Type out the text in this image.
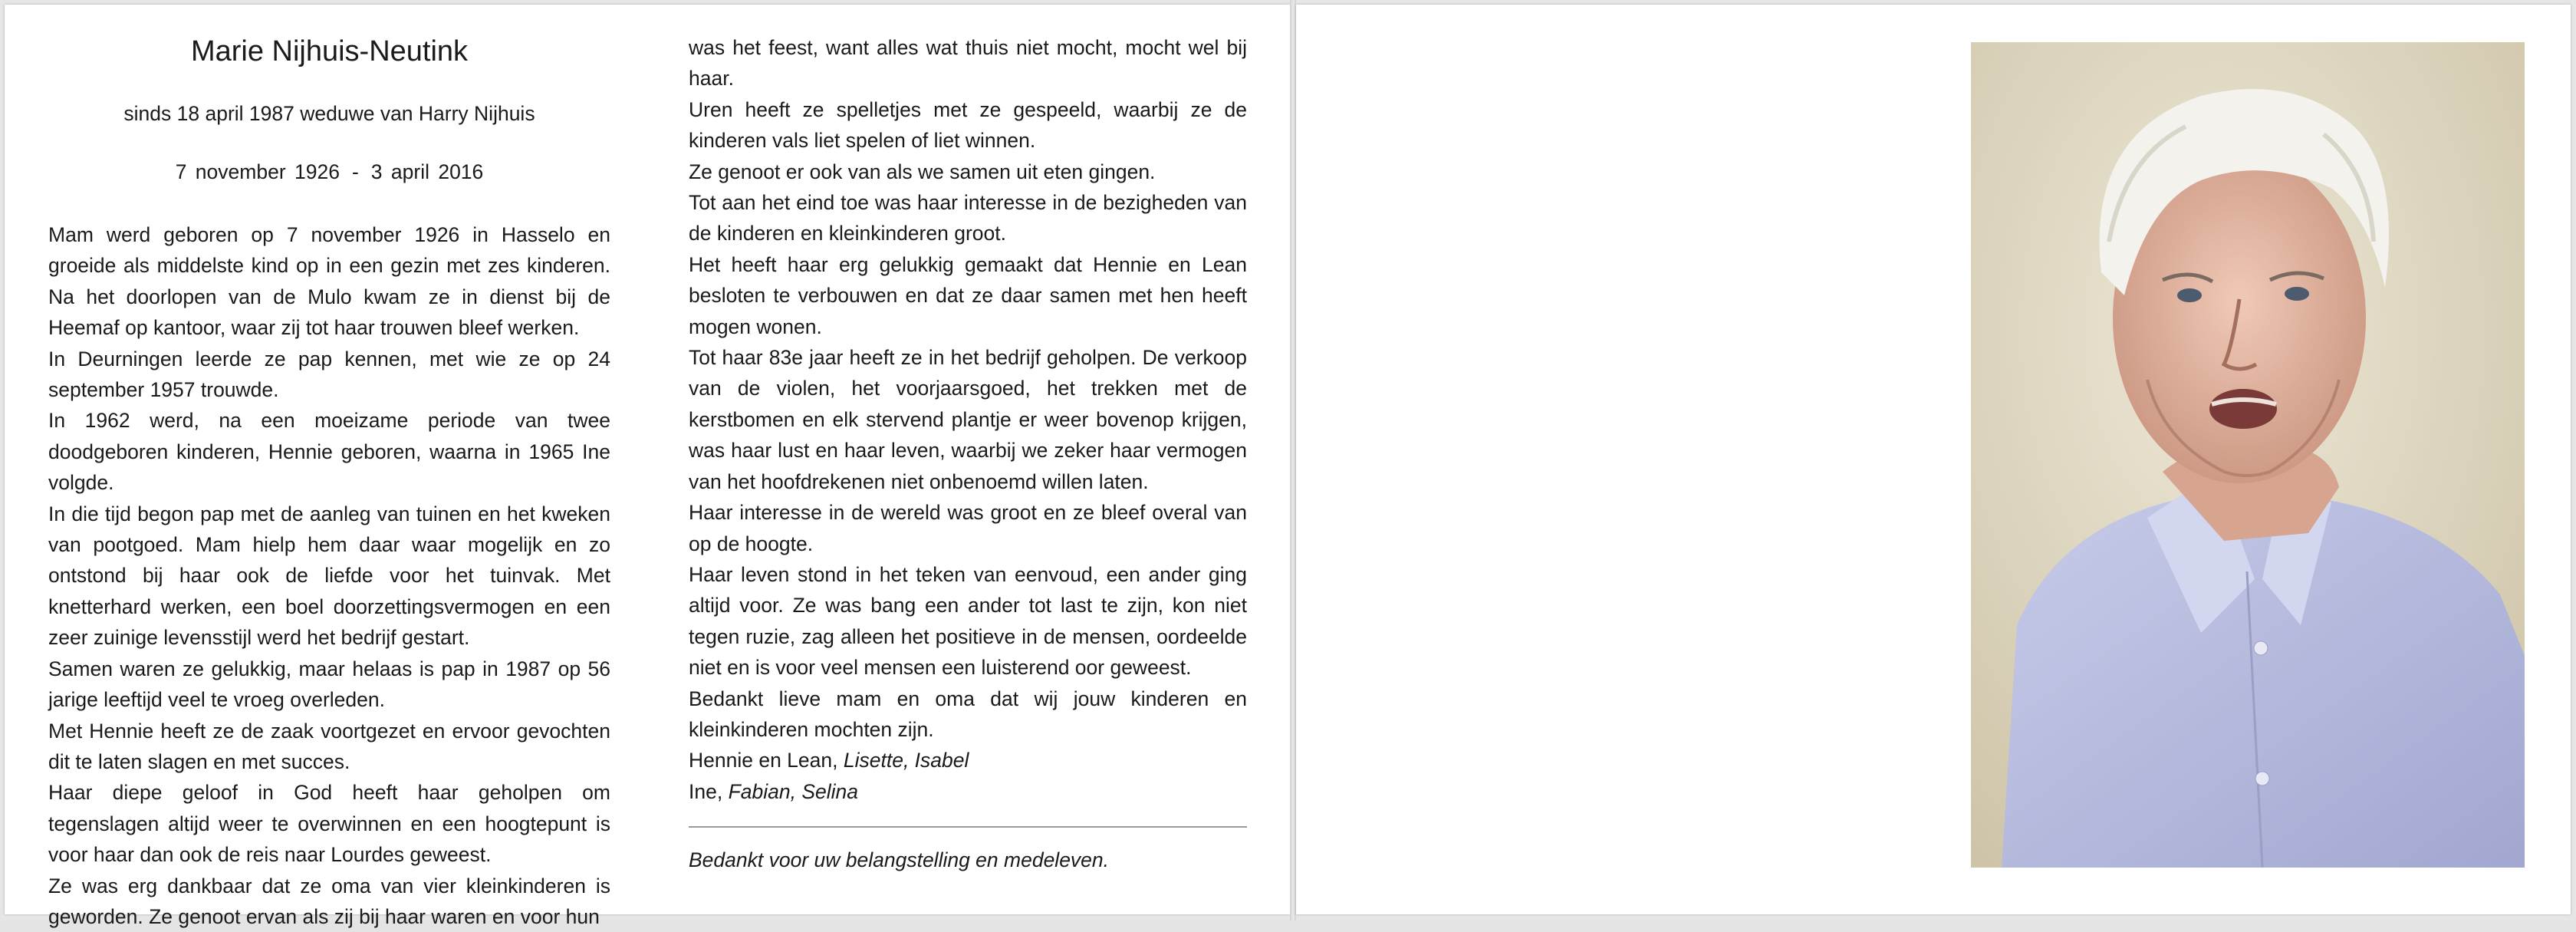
Marie Nijhuis-Neutink
sinds 18 april 1987 weduwe van Harry Nijhuis
7 november 1926 - 3 april 2016

Mam werd geboren op 7 november 1926 in Hasselo en groeide als middelste kind op in een gezin met zes kinderen. Na het doorlopen van de Mulo kwam ze in dienst bij de Heemaf op kantoor, waar zij tot haar trouwen bleef werken.

In Deurningen leerde ze pap kennen, met wie ze op 24 september 1957 trouwde.

In 1962 werd, na een moeizame periode van twee doodgeboren kinderen, Hennie geboren, waarna in 1965 Ine volgde.

In die tijd begon pap met de aanleg van tuinen en het kweken van pootgoed. Mam hielp hem daar waar mogelijk en zo ontstond bij haar ook de liefde voor het tuinvak. Met knetterhard werken, een boel doorzettingsvermogen en een zeer zuinige levensstijl werd het bedrijf gestart.

Samen waren ze gelukkig, maar helaas is pap in 1987 op 56 jarige leeftijd veel te vroeg overleden.

Met Hennie heeft ze de zaak voortgezet en ervoor gevochten dit te laten slagen en met succes.

Haar diepe geloof in God heeft haar geholpen om tegenslagen altijd weer te overwinnen en een hoogtepunt is voor haar dan ook de reis naar Lourdes geweest.

Ze was erg dankbaar dat ze oma van vier kleinkinderen is geworden. Ze genoot ervan als zij bij haar waren en voor hun

was het feest, want alles wat thuis niet mocht, mocht wel bij haar.

Uren heeft ze spelletjes met ze gespeeld, waarbij ze de kinderen vals liet spelen of liet winnen.

Ze genoot er ook van als we samen uit eten gingen.

Tot aan het eind toe was haar interesse in de bezigheden van de kinderen en kleinkinderen groot.

Het heeft haar erg gelukkig gemaakt dat Hennie en Lean besloten te verbouwen en dat ze daar samen met hen heeft mogen wonen.

Tot haar 83e jaar heeft ze in het bedrijf geholpen. De verkoop van de violen, het voorjaarsgoed, het trekken met de kerstbomen en elk stervend plantje er weer bovenop krijgen, was haar lust en haar leven, waarbij we zeker haar vermogen van het hoofdrekenen niet onbenoemd willen laten.

Haar interesse in de wereld was groot en ze bleef overal van op de hoogte.

Haar leven stond in het teken van eenvoud, een ander ging altijd voor. Ze was bang een ander tot last te zijn, kon niet tegen ruzie, zag alleen het positieve in de mensen, oordeelde niet en is voor veel mensen een luisterend oor geweest.

Bedankt lieve mam en oma dat wij jouw kinderen en kleinkinderen mochten zijn.

Hennie en Lean, Lisette, Isabel

Ine, Fabian, Selina

Bedankt voor uw belangstelling en medeleven.
